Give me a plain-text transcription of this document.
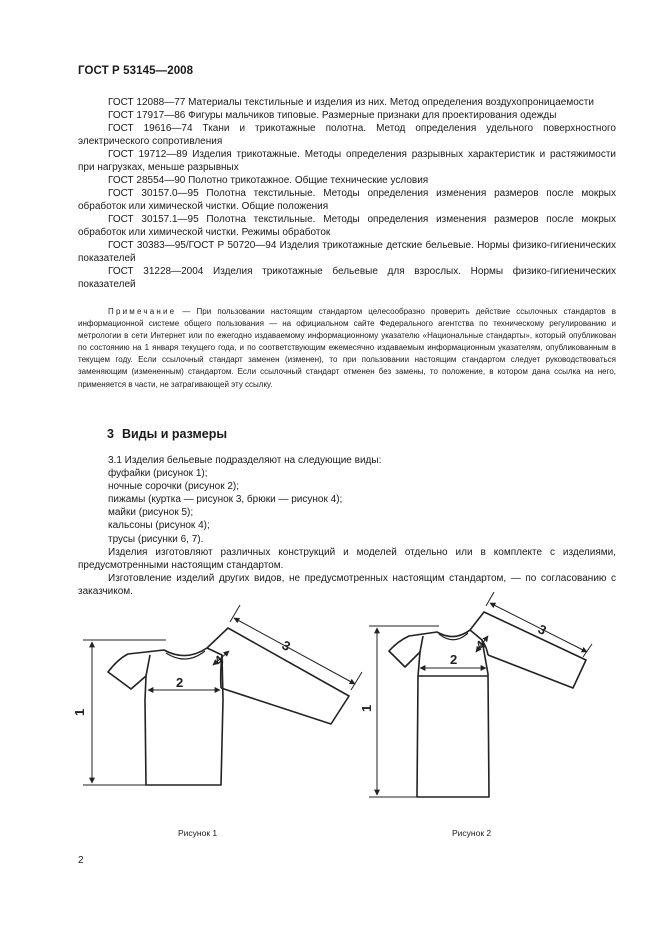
ГОСТ Р 53145—2008

ГОСТ 12088—77 Материалы текстильные и изделия из них. Метод определения воздухопроницаемости

ГОСТ 17917—86 Фигуры мальчиков типовые. Размерные признаки для проектирования одежды

ГОСТ 19616—74 Ткани и трикотажные полотна. Метод определения удельного поверхностного электрического сопротивления

ГОСТ 19712—89 Изделия трикотажные. Методы определения разрывных характеристик и растяжимости при нагрузках, меньше разрывных

ГОСТ 28554—90 Полотно трикотажное. Общие технические условия

ГОСТ 30157.0—95 Полотна текстильные. Методы определения изменения размеров после мокрых обработок или химической чистки. Общие положения

ГОСТ 30157.1—95 Полотна текстильные. Методы определения изменения размеров после мокрых обработок или химической чистки. Режимы обработок

ГОСТ 30383—95/ГОСТ Р 50720—94 Изделия трикотажные детские бельевые. Нормы физико-гигиенических показателей

ГОСТ 31228—2004 Изделия трикотажные бельевые для взрослых. Нормы физико-гигиенических показателей

Примечание — При пользовании настоящим стандартом целесообразно проверить действие ссылочных стандартов в информационной системе общего пользования — на официальном сайте Федерального агентства по техническому регулированию и метрологии в сети Интернет или по ежегодно издаваемому информационному указателю «Национальные стандарты», который опубликован по состоянию на 1 января текущего года, и по соответствующим ежемесячно издаваемым информационным указателям, опубликованным в текущем году. Если ссылочный стандарт заменен (изменен), то при пользовании настоящим стандартом следует руководствоваться заменяющим (измененным) стандартом. Если ссылочный стандарт отменен без замены, то положение, в котором дана ссылка на него, применяется в части, не затрагивающей эту ссылку.

3 Виды и размеры

3.1 Изделия бельевые подразделяют на следующие виды:

фуфайки (рисунок 1);

ночные сорочки (рисунок 2);

пижамы (куртка — рисунок 3, брюки — рисунок 4);

майки (рисунок 5);

кальсоны (рисунок 4);

трусы (рисунки 6, 7).

Изделия изготовляют различных конструкций и моделей отдельно или в комплекте с изделиями, предусмотренными настоящим стандартом.

Изготовление изделий других видов, не предусмотренных настоящим стандартом, — по согласованию с заказчиком.

1
2
3
4
1
2
3
4
Рисунок 1	Рисунок 2
2
